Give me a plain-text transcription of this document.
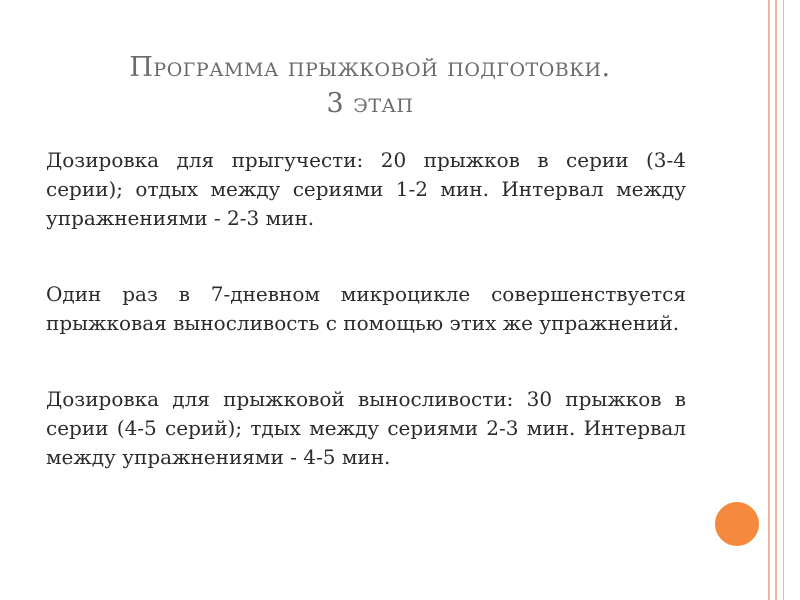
Программа прыжковой подготовки.
3 этап

Дозировка для прыгучести: 20 прыжков в серии (3-4 серии); отдых между сериями 1-2 мин. Интервал между упражнениями - 2-3 мин.

Один раз в 7-дневном микроцикле совершенствуется прыжковая выносливость с помощью этих же упражнений.

Дозировка для прыжковой выносливости: 30 прыжков в серии (4-5 серий); тдых между сериями 2-3 мин. Интервал между упражнениями - 4-5 мин.
